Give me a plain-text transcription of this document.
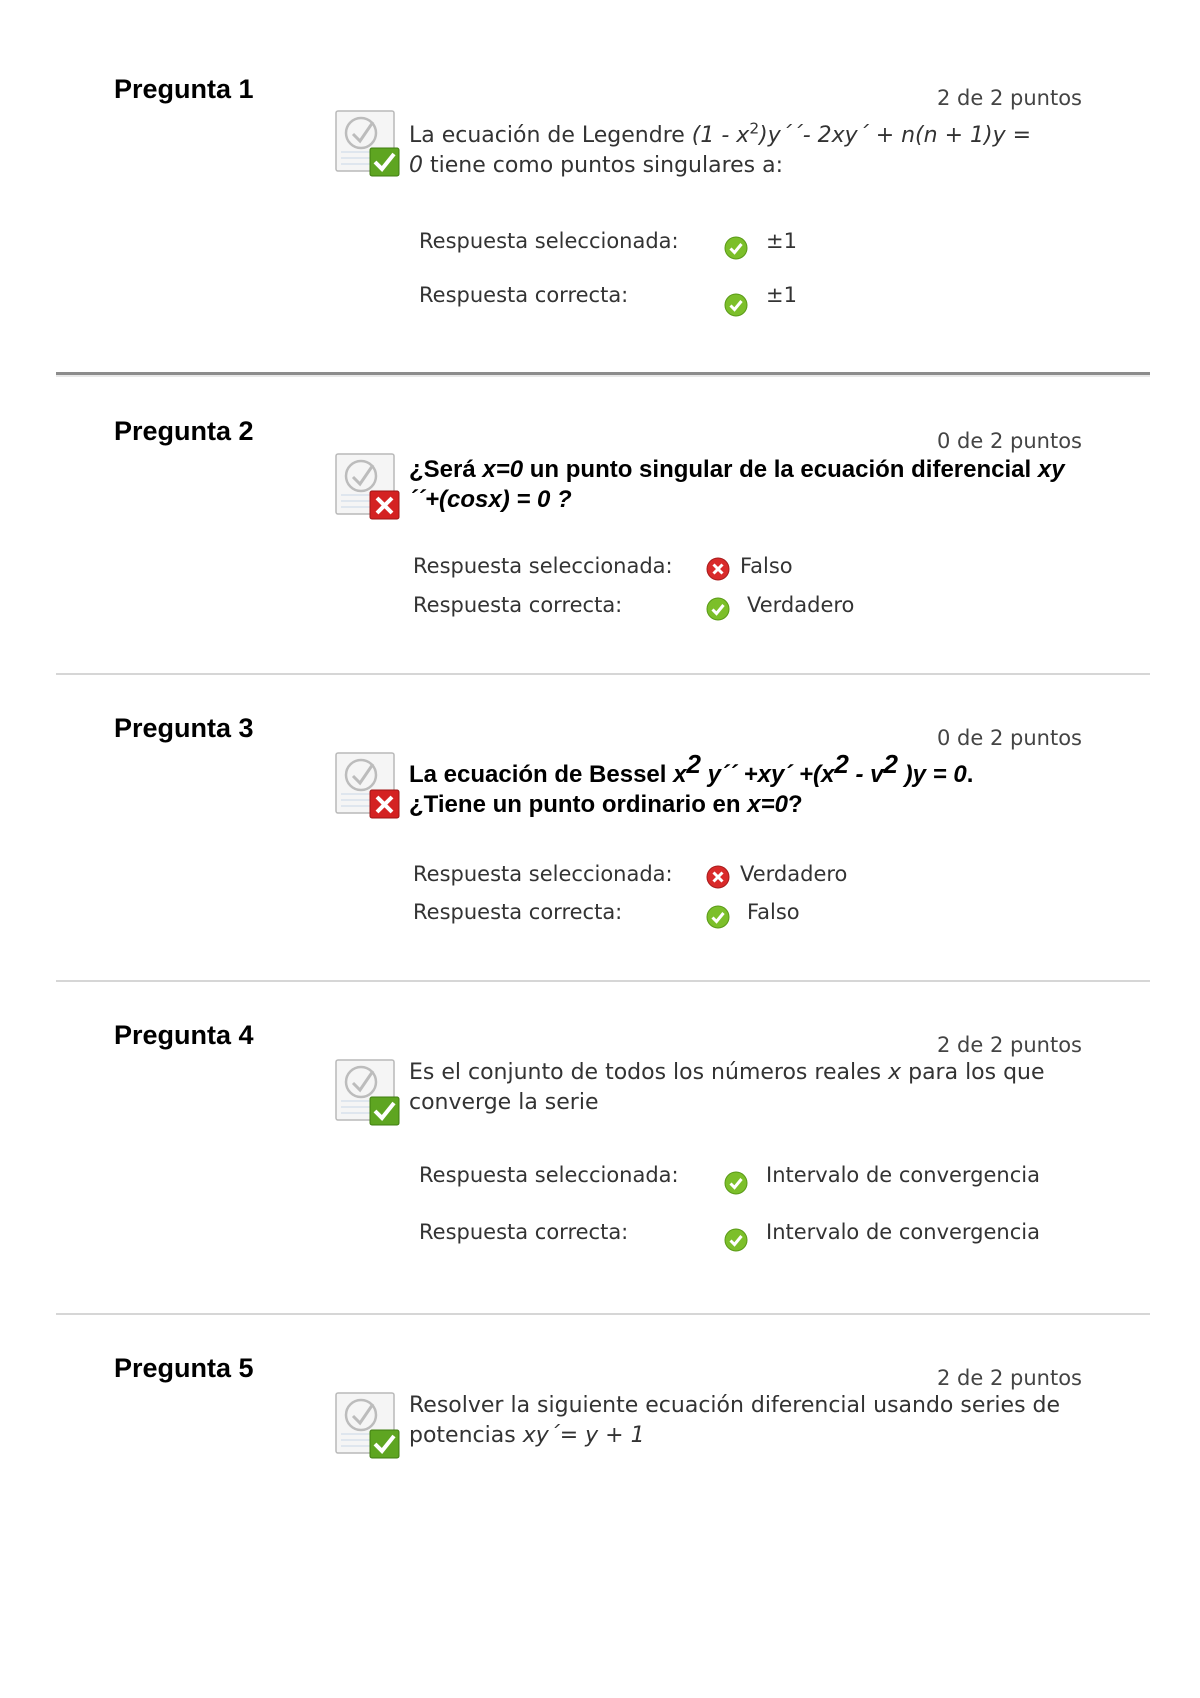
Pregunta 1	2 de 2 puntos
La ecuación de Legendre $(1 - x^2)y´´-$ 2xy´ + n(n + 1)y =
0 tiene como puntos singulares a:
Respuesta seleccionada:	±1
Respuesta correcta:	±1
Pregunta 2	0 de 2 puntos
¿Será x=0 un punto singular de la ecuación diferencial xy
´´+(cosx) = 0 ?
Respuesta seleccionada:	Falso
Respuesta correcta:	Verdadero
Pregunta 3	0 de 2 puntos
La ecuación de Bessel x2 y´´ +xy´ +(x2 - v2 )y = 0.
¿Tiene un punto ordinario en x=0?
Respuesta seleccionada:	Verdadero
Respuesta correcta:	Falso
Pregunta 4	2 de 2 puntos
Es el conjunto de todos los números reales x para los que converge la serie
Respuesta seleccionada:	Intervalo de convergencia
Respuesta correcta:	Intervalo de convergencia
Pregunta 5	2 de 2 puntos
Resolver la siguiente ecuación diferencial usando series de potencias xy´= y + 1
